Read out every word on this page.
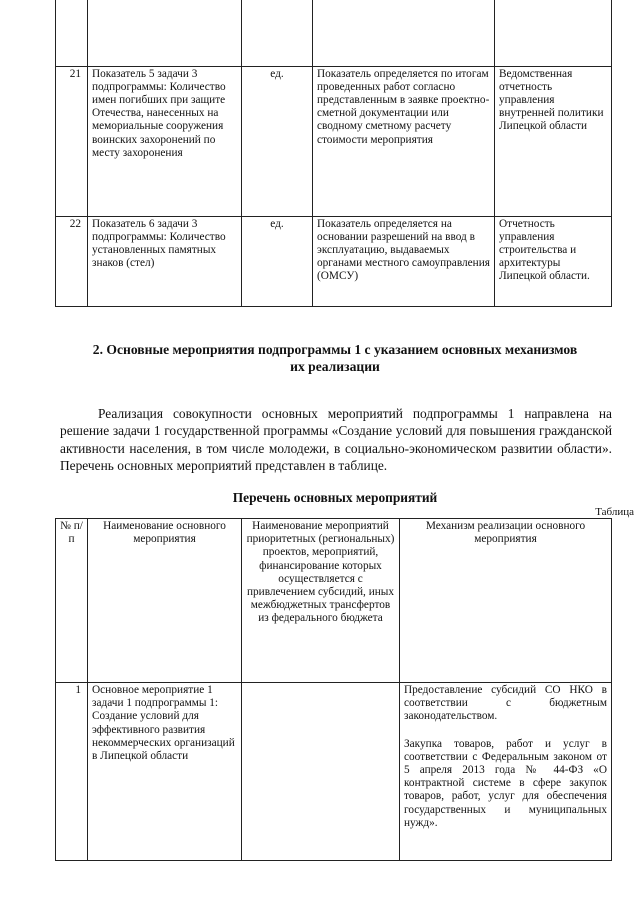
21	Показатель 5 задачи 3 подпрограммы: Количество имен погибших при защите Отечества, нанесенных на мемориальные сооружения воинских захоронений по месту захоронения	ед.	Показатель определяется по итогам проведенных работ согласно представленным в заявке проектно-сметной документации или сводному сметному расчету стоимости мероприятия	Ведомственная отчетность управления внутренней политики Липецкой области
22	Показатель 6 задачи 3 подпрограммы: Количество установленных памятных знаков (стел)	ед.	Показатель определяется на основании разрешений на ввод в эксплуатацию, выдаваемых органами местного самоуправления (ОМСУ)	Отчетность управления строительства и архитектуры Липецкой области.
2. Основные мероприятия подпрограммы 1 с указанием основных механизмов
их реализации
Реализация совокупности основных мероприятий подпрограммы 1 направлена на решение задачи 1 государственной программы «Создание условий для повышения гражданской активности населения, в том числе молодежи, в социально-экономическом развитии области». Перечень основных мероприятий представлен в таблице.
Перечень основных мероприятий
Таблица
№ п/п	Наименование основного мероприятия	Наименование мероприятий приоритетных (региональных) проектов, мероприятий, финансирование которых осуществляется с привлечением субсидий, иных межбюджетных трансфертов из федерального бюджета	Механизм реализации основного мероприятия
1	Основное мероприятие 1 задачи 1 подпрограммы 1: Создание условий для эффективного развития некоммерческих организаций в Липецкой области		Предоставление субсидий СО НКО в соответствии с бюджетным законодательством.
Закупка товаров, работ и услуг в соответствии с Федеральным законом от 5 апреля 2013 года № 44-ФЗ «О контрактной системе в сфере закупок товаров, работ, услуг для обеспечения государственных и муниципальных нужд».
